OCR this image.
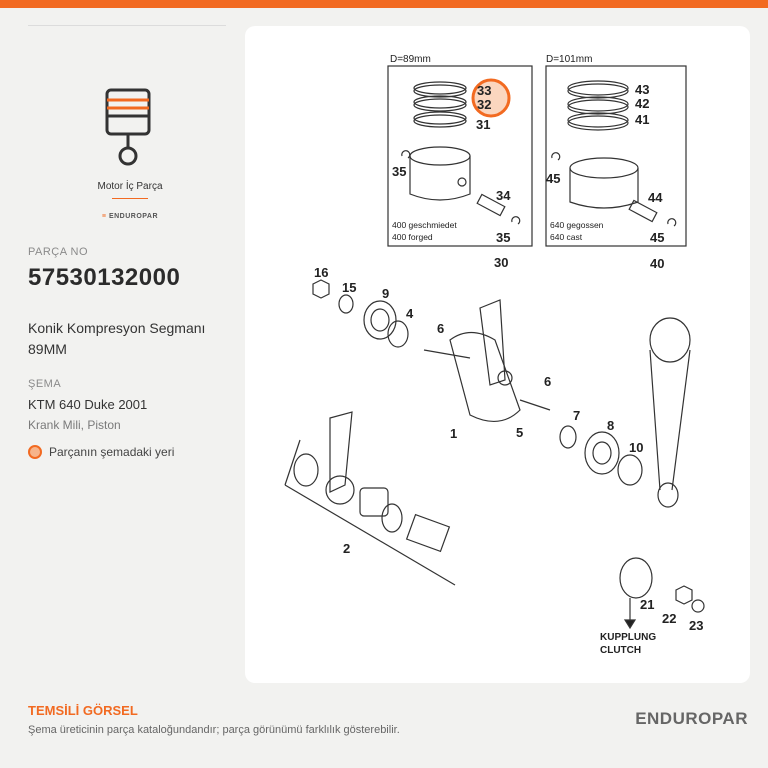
Motor İç Parça
≡ ENDUROPAR
PARÇA NO
57530132000
Konik Kompresyon Segmanı 89MM
ŞEMA
KTM 640 Duke 2001
Krank Mili, Piston
Parçanın şemadaki yeri
D=89mm
400 geschmiedet
400 forged
D=101mm
640 gegossen
640 cast
KUPPLUNG
CLUTCH
33
32
31
35
34
35
30
43
42
41
45
44
45
40
16
15 9
4
6
6
1	5
7
8
10
2
21
22 23
TEMSİLİ GÖRSEL
Şema üreticinin parça kataloğundandır; parça görünümü farklılık gösterebilir.
ENDUROPAR
